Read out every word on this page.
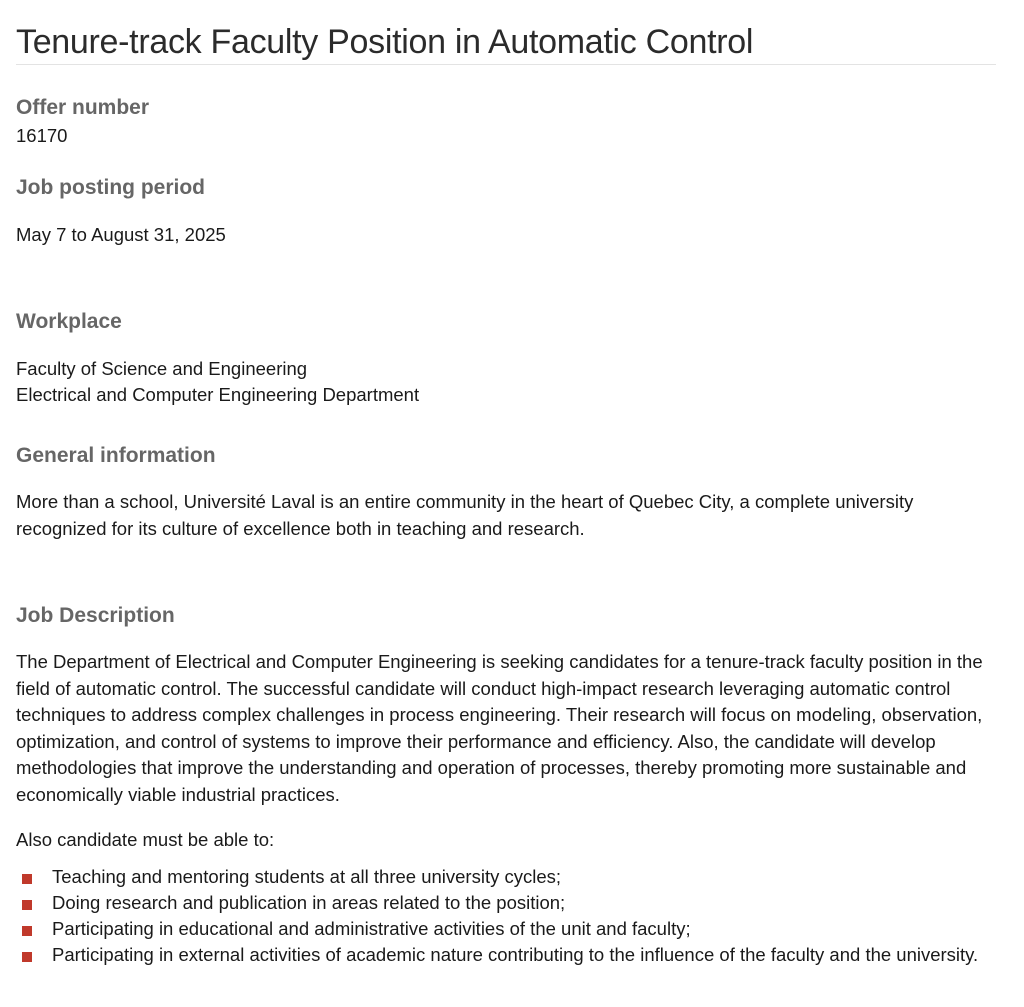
Tenure-track Faculty Position in Automatic Control

Offer number

16170

Job posting period

May 7 to August 31, 2025

Workplace

Faculty of Science and Engineering

Electrical and Computer Engineering Department

General information

More than a school, Université Laval is an entire community in the heart of Quebec City, a complete university recognized for its culture of excellence both in teaching and research.

Job Description

The Department of Electrical and Computer Engineering is seeking candidates for a tenure-track faculty position in the field of automatic control. The successful candidate will conduct high-impact research leveraging automatic control techniques to address complex challenges in process engineering. Their research will focus on modeling, observation, optimization, and control of systems to improve their performance and efficiency. Also, the candidate will develop methodologies that improve the understanding and operation of processes, thereby promoting more sustainable and economically viable industrial practices.

Also candidate must be able to:

Teaching and mentoring students at all three university cycles;
Doing research and publication in areas related to the position;
Participating in educational and administrative activities of the unit and faculty;
Participating in external activities of academic nature contributing to the influence of the faculty and the university.
